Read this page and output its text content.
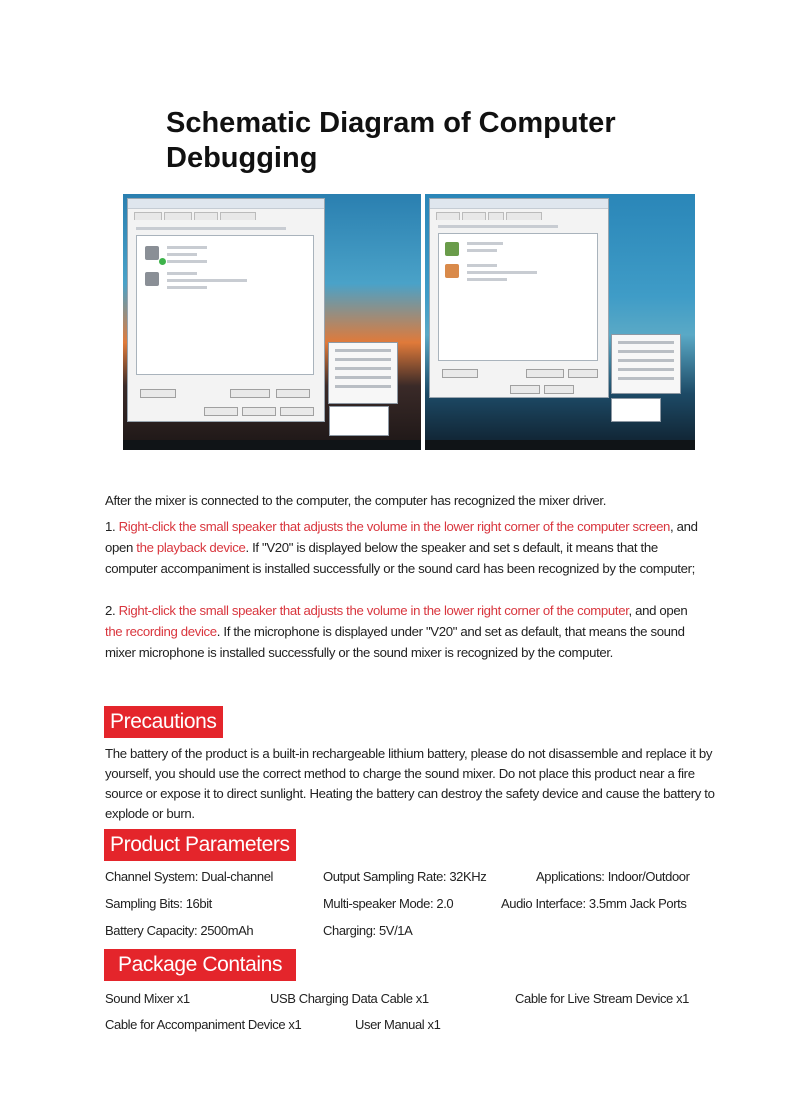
Schematic Diagram of Computer Debugging
After the mixer is connected to the computer, the computer has recognized the mixer driver.
1. Right-click the small speaker that adjusts the volume in the lower right corner of the computer screen, and open the playback device. If "V20" is displayed below the speaker and set s default, it means that the computer accompaniment is installed successfully or the sound card has been recognized by the computer;
2. Right-click the small speaker that adjusts the volume in the lower right corner of the computer, and open the recording device. If the microphone is displayed under "V20" and set as default, that means the sound mixer microphone is installed successfully or the sound mixer is recognized by the computer.
Precautions
The battery of the product is a built-in rechargeable lithium battery, please do not disassemble and replace it by yourself, you should use the correct method to charge the sound mixer. Do not place this product near a fire source or expose it to direct sunlight. Heating the battery can destroy the safety device and cause the battery to explode or burn.
Product Parameters
Channel System: Dual-channel	Output Sampling Rate: 32KHz	Applications: Indoor/Outdoor
Sampling Bits: 16bit	Multi-speaker Mode: 2.0	Audio Interface: 3.5mm Jack Ports
Battery Capacity: 2500mAh	Charging: 5V/1A
Package Contains
Sound Mixer x1	USB Charging Data Cable x1	Cable for Live Stream Device x1
Cable for Accompaniment Device x1	User Manual x1
